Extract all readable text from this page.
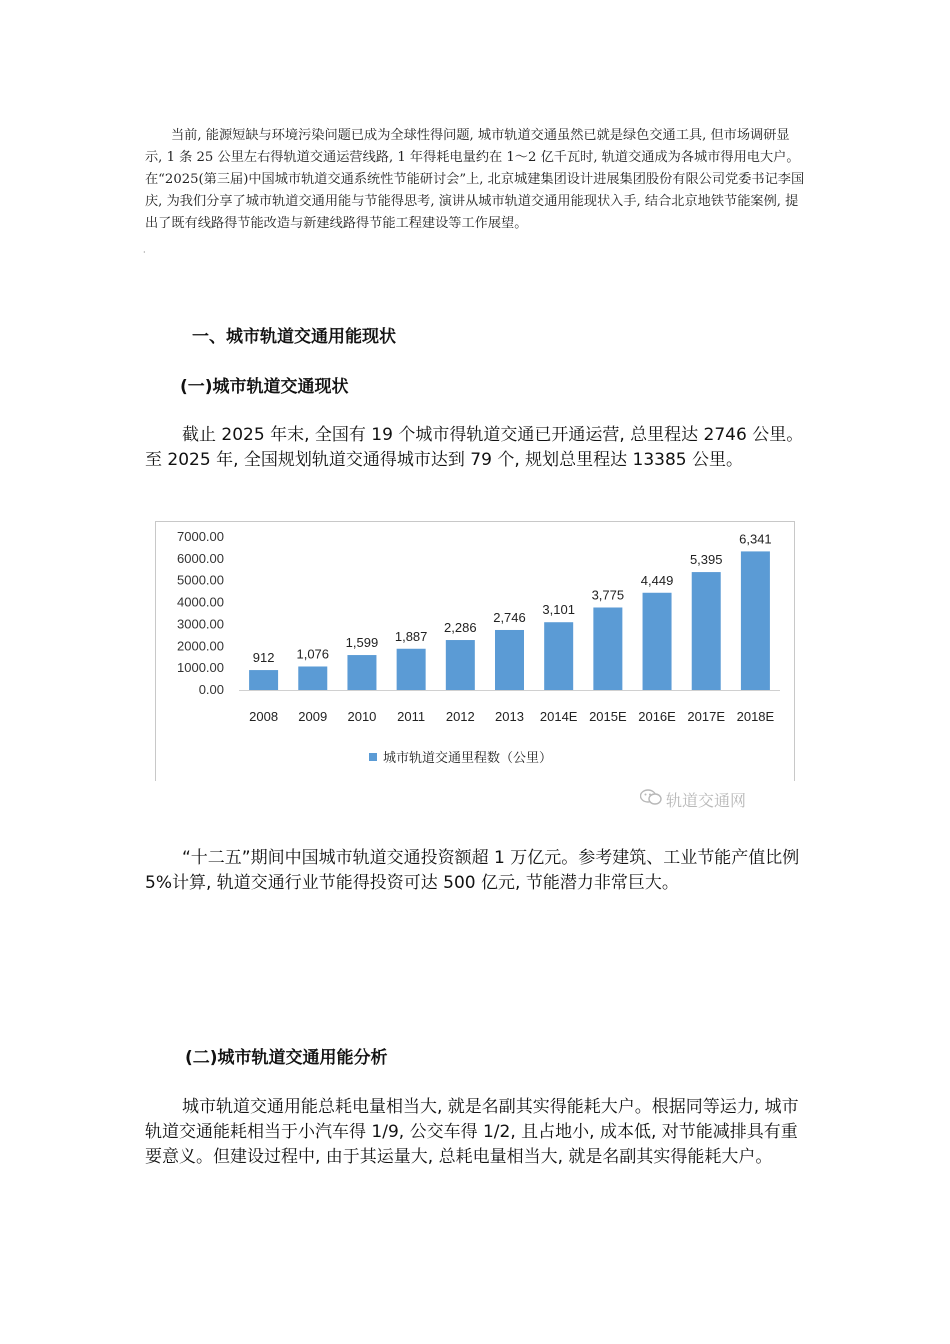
当前, 能源短缺与环境污染问题已成为全球性得问题, 城市轨道交通虽然已就是绿色交通工具, 但市场调研显示, 1 条 25 公里左右得轨道交通运营线路, 1 年得耗电量约在 1～2 亿千瓦时, 轨道交通成为各城市得用电大户。在“2025(第三届)中国城市轨道交通系统性节能研讨会”上, 北京城建集团设计进展集团股份有限公司党委书记李国庆, 为我们分享了城市轨道交通用能与节能得思考, 演讲从城市轨道交通用能现状入手, 结合北京地铁节能案例, 提出了既有线路得节能改造与新建线路得节能工程建设等工作展望。

·
一、城市轨道交通用能现状
(一)城市轨道交通现状

截止 2025 年末, 全国有 19 个城市得轨道交通已开通运营, 总里程达 2746 公里。至 2025 年, 全国规划轨道交通得城市达到 79 个, 规划总里程达 13385 公里。

0.00
1000.00
2000.00
3000.00
4000.00
5000.00
6000.00
7000.00
912
2008
1,076
2009
1,599
2010
1,887
2011
2,286
2012
2,746
2013
3,101
2014E
3,775
2015E
4,449
2016E
5,395
2017E
6,341
2018E
城市轨道交通里程数（公里）
轨道交通网

“十二五”期间中国城市轨道交通投资额超 1 万亿元。参考建筑、工业节能产值比例 5%计算, 轨道交通行业节能得投资可达 500 亿元, 节能潜力非常巨大。

(二)城市轨道交通用能分析

城市轨道交通用能总耗电量相当大, 就是名副其实得能耗大户。根据同等运力, 城市轨道交通能耗相当于小汽车得 1/9, 公交车得 1/2, 且占地小, 成本低, 对节能减排具有重要意义。但建设过程中, 由于其运量大, 总耗电量相当大, 就是名副其实得能耗大户。
